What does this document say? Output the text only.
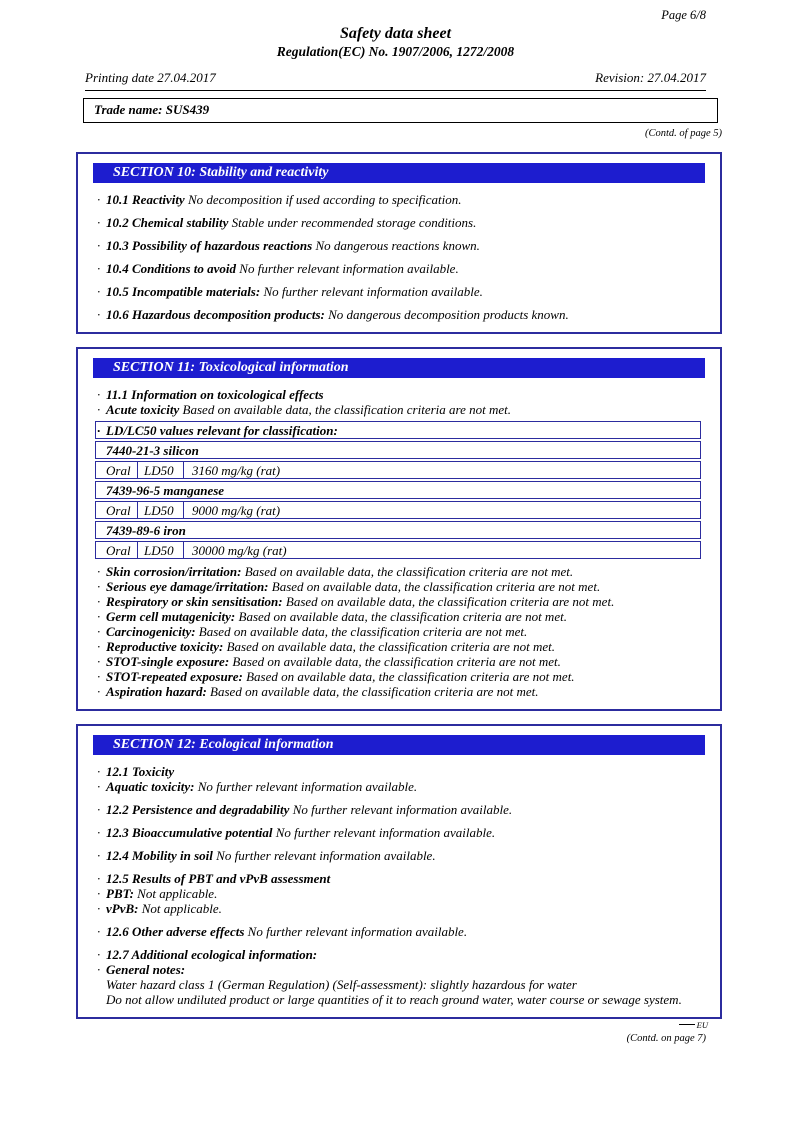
Page 6/8
Safety data sheet
Regulation(EC) No. 1907/2006, 1272/2008
Printing date 27.04.2017	Revision: 27.04.2017
Trade name: SUS439
(Contd. of page 5)
SECTION 10: Stability and reactivity
· 10.1 Reactivity No decomposition if used according to specification.
· 10.2 Chemical stability Stable under recommended storage conditions.
· 10.3 Possibility of hazardous reactions No dangerous reactions known.
· 10.4 Conditions to avoid No further relevant information available.
· 10.5 Incompatible materials: No further relevant information available.
· 10.6 Hazardous decomposition products: No dangerous decomposition products known.
SECTION 11: Toxicological information
· 11.1 Information on toxicological effects
· Acute toxicity Based on available data, the classification criteria are not met.
· LD/LC50 values relevant for classification:
7440-21-3 silicon
Oral	LD50	3160 mg/kg (rat)
7439-96-5 manganese
Oral	LD50	9000 mg/kg (rat)
7439-89-6 iron
Oral	LD50	30000 mg/kg (rat)
· Skin corrosion/irritation: Based on available data, the classification criteria are not met.
· Serious eye damage/irritation: Based on available data, the classification criteria are not met.
· Respiratory or skin sensitisation: Based on available data, the classification criteria are not met.
· Germ cell mutagenicity: Based on available data, the classification criteria are not met.
· Carcinogenicity: Based on available data, the classification criteria are not met.
· Reproductive toxicity: Based on available data, the classification criteria are not met.
· STOT-single exposure: Based on available data, the classification criteria are not met.
· STOT-repeated exposure: Based on available data, the classification criteria are not met.
· Aspiration hazard: Based on available data, the classification criteria are not met.
SECTION 12: Ecological information
· 12.1 Toxicity
· Aquatic toxicity: No further relevant information available.
· 12.2 Persistence and degradability No further relevant information available.
· 12.3 Bioaccumulative potential No further relevant information available.
· 12.4 Mobility in soil No further relevant information available.
· 12.5 Results of PBT and vPvB assessment
· PBT: Not applicable.
· vPvB: Not applicable.
· 12.6 Other adverse effects No further relevant information available.
· 12.7 Additional ecological information:
· General notes:
Water hazard class 1 (German Regulation) (Self-assessment): slightly hazardous for water
Do not allow undiluted product or large quantities of it to reach ground water, water course or sewage system.
EU
(Contd. on page 7)
